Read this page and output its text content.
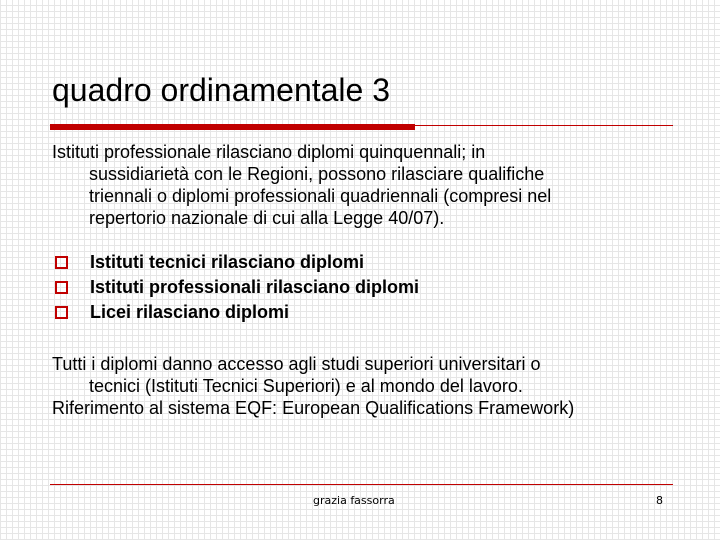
quadro ordinamentale 3
Istituti professionale rilasciano diplomi quinquennali; in
sussidiarietà con le Regioni, possono rilasciare qualifiche
triennali o diplomi professionali quadriennali (compresi nel
repertorio nazionale di cui alla Legge 40/07).
Istituti tecnici rilasciano diplomi
Istituti professionali rilasciano diplomi
Licei rilasciano diplomi
Tutti i diplomi danno accesso agli studi superiori universitari o
tecnici (Istituti Tecnici Superiori) e al mondo del lavoro.
Riferimento al sistema EQF: European Qualifications Framework)
grazia fassorra	8
